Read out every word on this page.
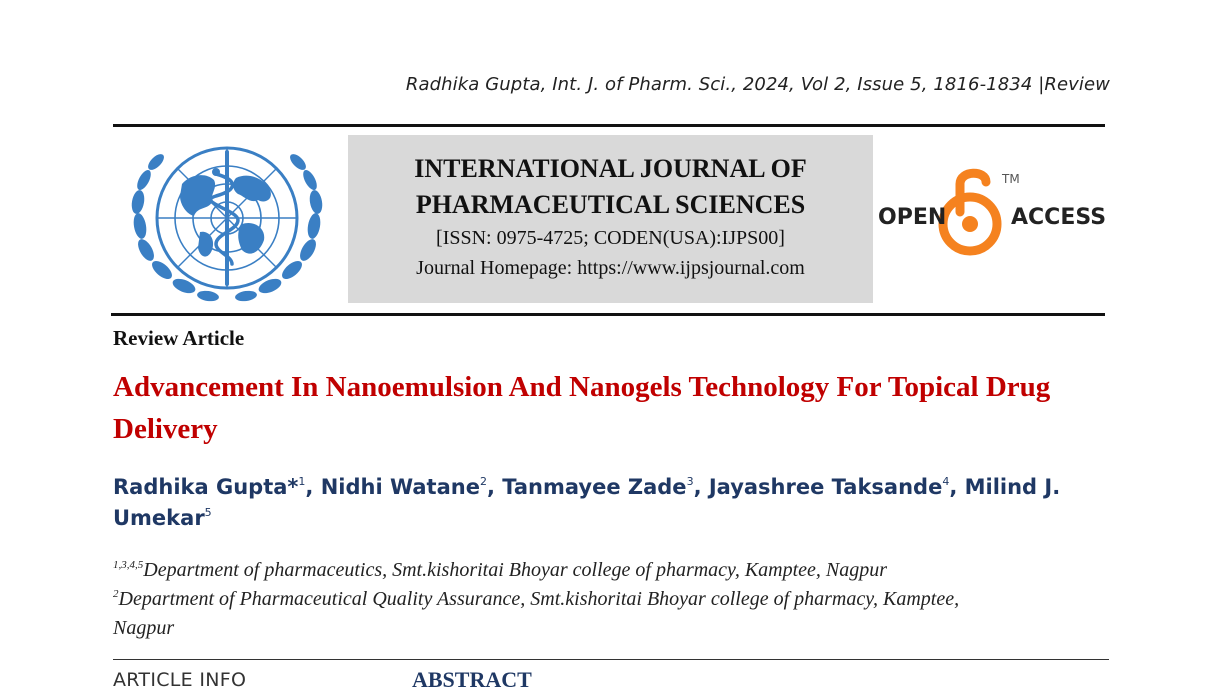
Radhika Gupta, Int. J. of Pharm. Sci., 2024, Vol 2, Issue 5, 1816-1834 |Review
INTERNATIONAL JOURNAL OF
PHARMACEUTICAL SCIENCES
[ISSN: 0975-4725; CODEN(USA):IJPS00]
Journal Homepage: https://www.ijpsjournal.com
OPEN	ACCESS
TM
Review Article
Advancement In Nanoemulsion And Nanogels Technology For Topical Drug Delivery
Radhika Gupta*$^1$, Nidhi Watane$^2$, Tanmayee Zade$^3$, Jayashree Taksande$^4$, Milind J. Umekar$^5$
$^{1,3,4,5}$Department of pharmaceutics, Smt.kishoritai Bhoyar college of pharmacy, Kamptee, Nagpur
$^2$Department of Pharmaceutical Quality Assurance, Smt.kishoritai Bhoyar college of pharmacy, Kamptee, Nagpur
ARTICLE INFO	ABSTRACT
